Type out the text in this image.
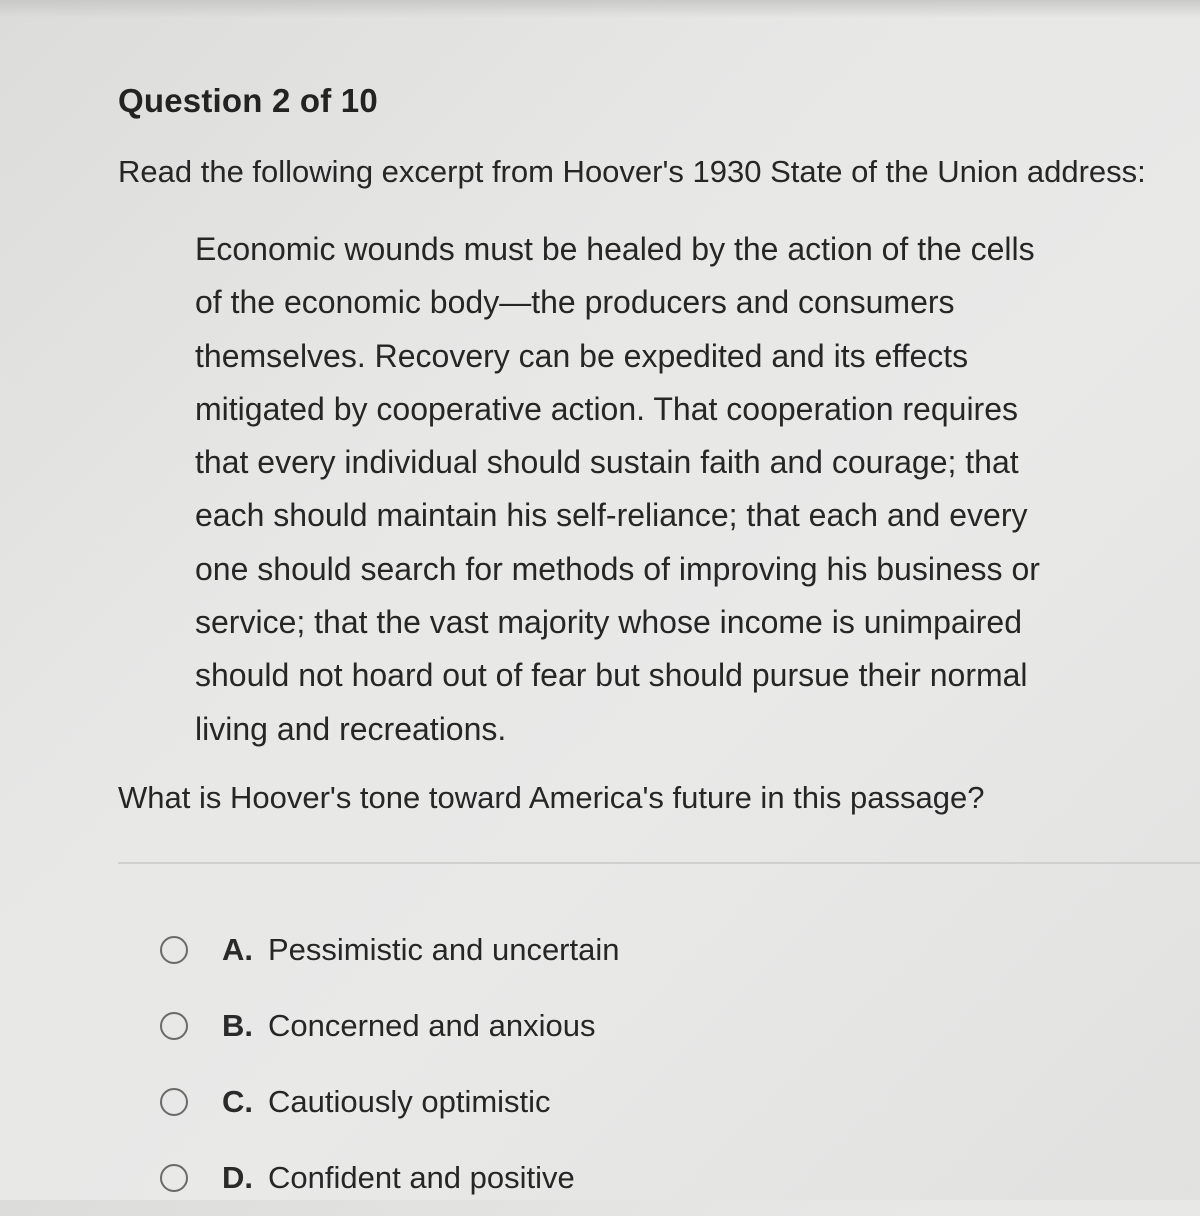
Question 2 of 10
Read the following excerpt from Hoover's 1930 State of the Union address:
Economic wounds must be healed by the action of the cells
of the economic body—the producers and consumers
themselves. Recovery can be expedited and its effects
mitigated by cooperative action. That cooperation requires
that every individual should sustain faith and courage; that
each should maintain his self-reliance; that each and every
one should search for methods of improving his business or
service; that the vast majority whose income is unimpaired
should not hoard out of fear but should pursue their normal
living and recreations.
What is Hoover's tone toward America's future in this passage?
A. Pessimistic and uncertain
B. Concerned and anxious
C. Cautiously optimistic
D. Confident and positive
